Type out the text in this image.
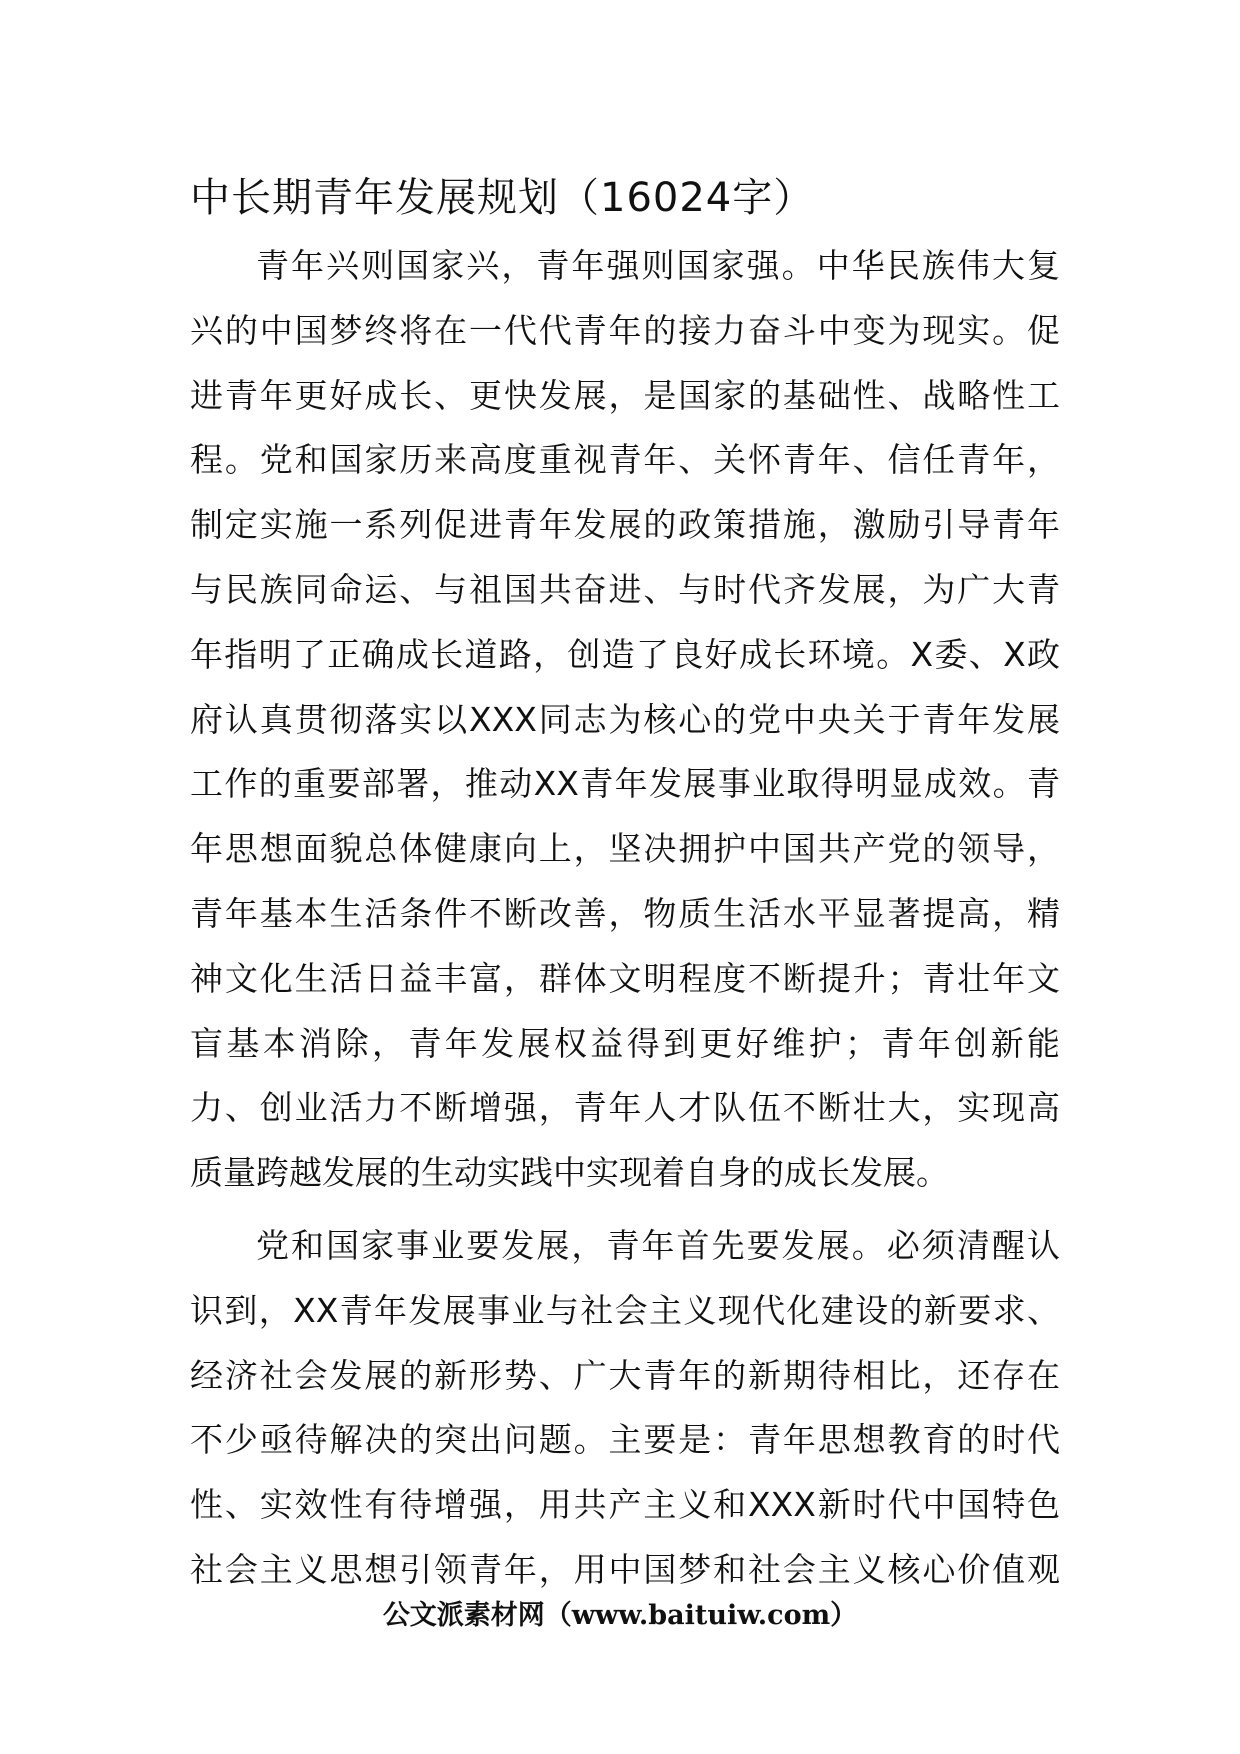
中长期青年发展规划（16024字）
青年兴则国家兴，青年强则国家强。中华民族伟大复
兴的中国梦终将在一代代青年的接力奋斗中变为现实。促
进青年更好成长、更快发展，是国家的基础性、战略性工
程。党和国家历来高度重视青年、关怀青年、信任青年，
制定实施一系列促进青年发展的政策措施，激励引导青年
与民族同命运、与祖国共奋进、与时代齐发展，为广大青
年指明了正确成长道路，创造了良好成长环境。X委、X政
府认真贯彻落实以XXX同志为核心的党中央关于青年发展
工作的重要部署，推动XX青年发展事业取得明显成效。青
年思想面貌总体健康向上，坚决拥护中国共产党的领导，
青年基本生活条件不断改善，物质生活水平显著提高，精
神文化生活日益丰富，群体文明程度不断提升；青壮年文
盲基本消除，青年发展权益得到更好维护；青年创新能
力、创业活力不断增强，青年人才队伍不断壮大，实现高
质量跨越发展的生动实践中实现着自身的成长发展。
党和国家事业要发展，青年首先要发展。必须清醒认
识到，XX青年发展事业与社会主义现代化建设的新要求、
经济社会发展的新形势、广大青年的新期待相比，还存在
不少亟待解决的突出问题。主要是：青年思想教育的时代
性、实效性有待增强，用共产主义和XXX新时代中国特色
社会主义思想引领青年，用中国梦和社会主义核心价值观
公文派素材网（www.baituiw.com）
